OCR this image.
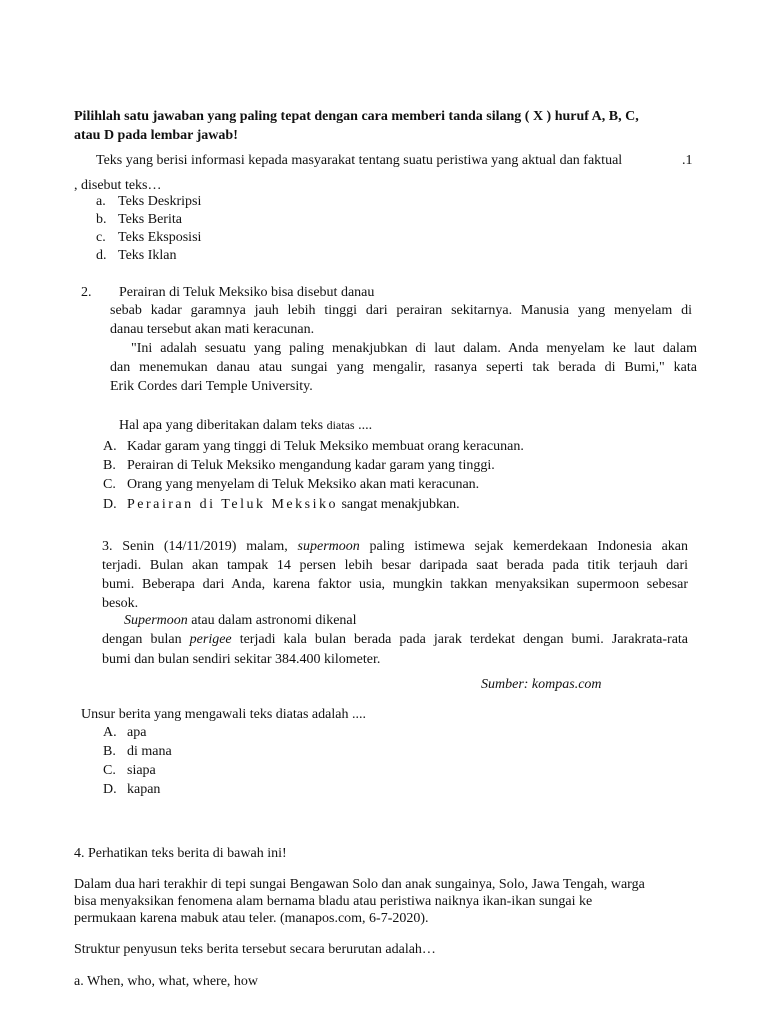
Pilihlah satu jawaban yang paling tepat dengan cara memberi tanda silang ( X ) huruf A, B, C,
atau D pada lembar jawab!
Teks yang berisi informasi kepada masyarakat tentang suatu peristiwa yang aktual dan faktual	.1
, disebut teks…
a. Teks Deskripsi
b. Teks Berita
c. Teks Eksposisi
d. Teks Iklan
2. Perairan di Teluk Meksiko bisa disebut danau
sebab kadar garamnya jauh lebih tinggi dari perairan sekitarnya. Manusia yang menyelam di
danau tersebut akan mati keracunan.
"Ini adalah sesuatu yang paling menakjubkan di laut dalam. Anda menyelam ke laut dalam
dan menemukan danau atau sungai yang mengalir, rasanya seperti tak berada di Bumi," kata
Erik Cordes dari Temple University.
Hal apa yang diberitakan dalam teks diatas ....
A. Kadar garam yang tinggi di Teluk Meksiko membuat orang keracunan.
B. Perairan di Teluk Meksiko mengandung kadar garam yang tinggi.
C. Orang yang menyelam di Teluk Meksiko akan mati keracunan.
D. Perairan di Teluk Meksiko sangat menakjubkan.
3. Senin (14/11/2019) malam, supermoon paling istimewa sejak kemerdekaan Indonesia akan
terjadi. Bulan akan tampak 14 persen lebih besar daripada saat berada pada titik terjauh dari
bumi. Beberapa dari Anda, karena faktor usia, mungkin takkan menyaksikan supermoon sebesar
besok.
Supermoon atau dalam astronomi dikenal
dengan bulan perigee terjadi kala bulan berada pada jarak terdekat dengan bumi. Jarakrata-rata
bumi dan bulan sendiri sekitar 384.400 kilometer.
Sumber: kompas.com
Unsur berita yang mengawali teks diatas adalah ....
A. apa
B. di mana
C. siapa
D. kapan
4. Perhatikan teks berita di bawah ini!
Dalam dua hari terakhir di tepi sungai Bengawan Solo dan anak sungainya, Solo, Jawa Tengah, warga
bisa menyaksikan fenomena alam bernama bladu atau peristiwa naiknya ikan-ikan sungai ke
permukaan karena mabuk atau teler. (manapos.com, 6-7-2020).
Struktur penyusun teks berita tersebut secara berurutan adalah…
a. When, who, what, where, how
